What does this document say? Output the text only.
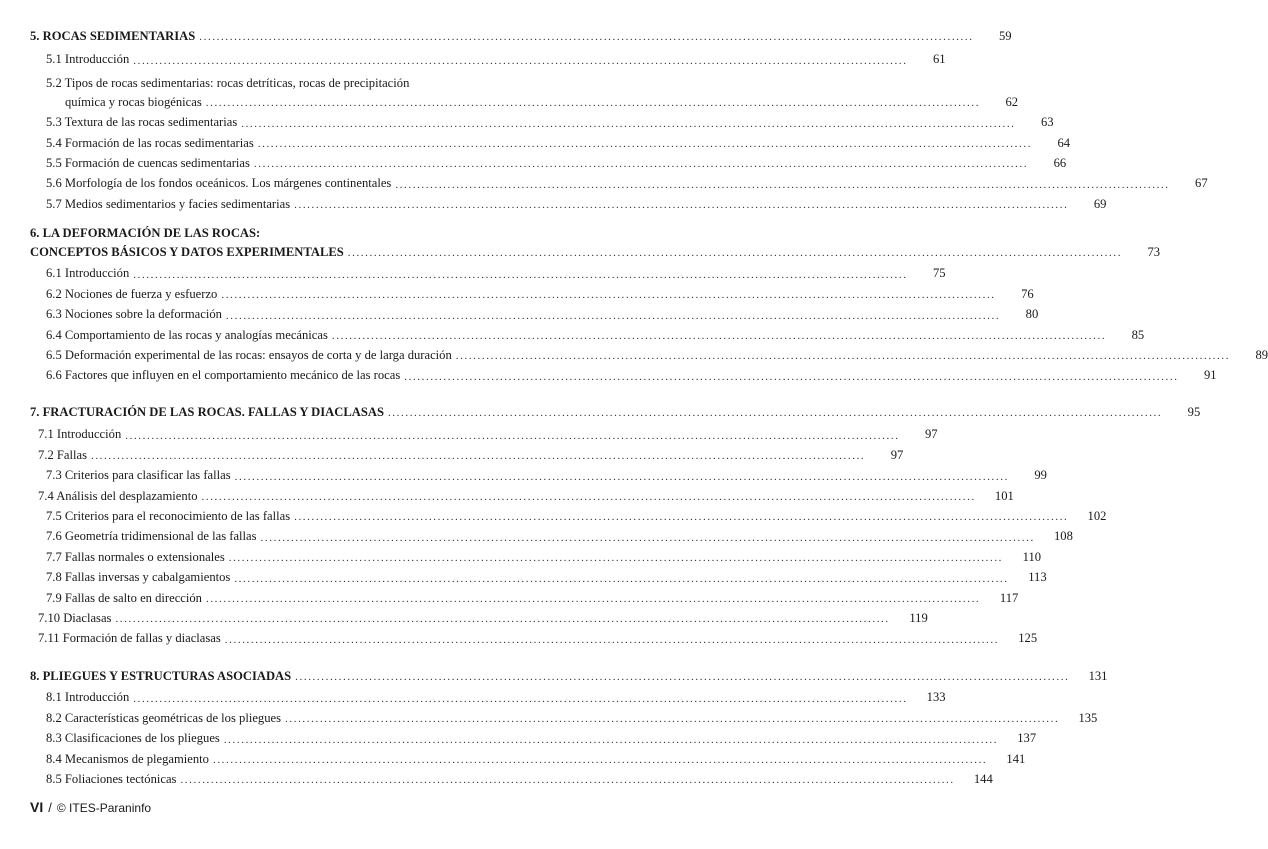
5. ROCAS SEDIMENTARIAS ..................................................................................................................................................................................	59
5.1 Introducción ..................................................................................................................................................................................	61
5.2 Tipos de rocas sedimentarias: rocas detríticas, rocas de precipitación
química y rocas biogénicas ..................................................................................................................................................................................	62
5.3 Textura de las rocas sedimentarias ..................................................................................................................................................................................	63
5.4 Formación de las rocas sedimentarias ..................................................................................................................................................................................	64
5.5 Formación de cuencas sedimentarias ..................................................................................................................................................................................	66
5.6 Morfología de los fondos oceánicos. Los márgenes continentales ..................................................................................................................................................................................	67
5.7 Medios sedimentarios y facies sedimentarias ..................................................................................................................................................................................	69
6. LA DEFORMACIÓN DE LAS ROCAS:
CONCEPTOS BÁSICOS Y DATOS EXPERIMENTALES ..................................................................................................................................................................................	73
6.1 Introducción ..................................................................................................................................................................................	75
6.2 Nociones de fuerza y esfuerzo ..................................................................................................................................................................................	76
6.3 Nociones sobre la deformación ..................................................................................................................................................................................	80
6.4 Comportamiento de las rocas y analogías mecánicas ..................................................................................................................................................................................	85
6.5 Deformación experimental de las rocas: ensayos de corta y de larga duración ..................................................................................................................................................................................	89
6.6 Factores que influyen en el comportamiento mecánico de las rocas ..................................................................................................................................................................................	91
7. FRACTURACIÓN DE LAS ROCAS. FALLAS Y DIACLASAS ..................................................................................................................................................................................	95
7.1 Introducción ..................................................................................................................................................................................	97
7.2 Fallas ..................................................................................................................................................................................	97
7.3 Criterios para clasificar las fallas ..................................................................................................................................................................................	99
7.4 Análisis del desplazamiento ..................................................................................................................................................................................	101
7.5 Criterios para el reconocimiento de las fallas ..................................................................................................................................................................................	102
7.6 Geometría tridimensional de las fallas ..................................................................................................................................................................................	108
7.7 Fallas normales o extensionales ..................................................................................................................................................................................	110
7.8 Fallas inversas y cabalgamientos ..................................................................................................................................................................................	113
7.9 Fallas de salto en dirección ..................................................................................................................................................................................	117
7.10 Diaclasas ..................................................................................................................................................................................	119
7.11 Formación de fallas y diaclasas ..................................................................................................................................................................................	125
8. PLIEGUES Y ESTRUCTURAS ASOCIADAS ..................................................................................................................................................................................	131
8.1 Introducción ..................................................................................................................................................................................	133
8.2 Características geométricas de los pliegues ..................................................................................................................................................................................	135
8.3 Clasificaciones de los pliegues ..................................................................................................................................................................................	137
8.4 Mecanismos de plegamiento ..................................................................................................................................................................................	141
8.5 Foliaciones tectónicas ..................................................................................................................................................................................	144
VI / © ITES-Paraninfo
